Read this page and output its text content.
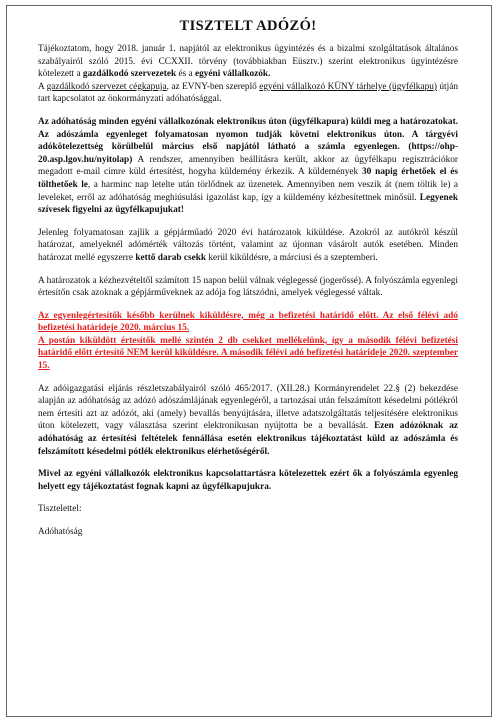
TISZTELT ADÓZÓ!

Tájékoztatom, hogy 2018. január 1. napjától az elektronikus ügyintézés és a bizalmi szolgáltatások általános szabályairól szóló 2015. évi CCXXII. törvény (továbbiakban Eüsztv.) szerint elektronikus ügyintézésre kötelezett a gazdálkodó szervezetek és a egyéni vállalkozók.

A gazdálkodó szervezet cégkapuja, az EVNY-ben szereplő egyéni vállalkozó KÜNY tárhelye (ügyfélkapu) útján tart kapcsolatot az önkormányzati adóhatósággal.

Az adóhatóság minden egyéni vállalkozónak elektronikus úton (ügyfélkapura) küldi meg a határozatokat. Az adószámla egyenleget folyamatosan nyomon tudják követni elektronikus úton. A tárgyévi adókötelezettség körülbelül március első napjától látható a számla egyenlegen. (https://ohp-20.asp.lgov.hu/nyitolap) A rendszer, amennyiben beállításra került, akkor az ügyfélkapu regisztrációkor megadott e-mail címre küld értesítést, hogyha küldemény érkezik. A küldemények 30 napig érhetőek el és tölthetőek le, a harminc nap letelte után törlődnek az üzenetek. Amennyiben nem veszik át (nem töltik le) a leveleket, erről az adóhatóság meghiúsulási igazolást kap, így a küldemény kézbesítettnek minősül. Legyenek szívesek figyelni az ügyfélkapujukat!

Jelenleg folyamatosan zajlik a gépjárműadó 2020 évi határozatok kiküldése. Azokról az autókról készül határozat, amelyeknél adómérték változás történt, valamint az újonnan vásárolt autók esetében. Minden határozat mellé egyszerre kettő darab csekk kerül kiküldésre, a márciusi és a szeptemberi.

A határozatok a kézhezvételtől számított 15 napon belül válnak véglegessé (jogerőssé). A folyószámla egyenlegi értesítőn csak azoknak a gépjárműveknek az adója fog látszódni, amelyek véglegessé váltak.

Az egyenlegértesítők később kerülnek kiküldésre, még a befizetési határidő előtt. Az első félévi adó befizetési határideje 2020. március 15.

A postán kiküldött értesítők mellé szintén 2 db csekket mellékelünk, így a második félévi befizetési határidő előtt értesítő NEM kerül kiküldésre. A második félévi adó befizetési határideje 2020. szeptember 15.

Az adóigazgatási eljárás részletszabályairól szóló 465/2017. (XII.28.) Kormányrendelet 22.§ (2) bekezdése alapján az adóhatóság az adózó adószámlájának egyenlegéről, a tartozásai után felszámított késedelmi pótlékról nem értesíti azt az adózót, aki (amely) bevallás benyújtására, illetve adatszolgáltatás teljesítésére elektronikus úton kötelezett, vagy választása szerint elektronikusan nyújtotta be a bevallását. Ezen adózóknak az adóhatóság az értesítési feltételek fennállása esetén elektronikus tájékoztatást küld az adószámla és felszámított késedelmi pótlék elektronikus elérhetőségéről.

Mivel az egyéni vállalkozók elektronikus kapcsolattartásra kötelezettek ezért ők a folyószámla egyenleg helyett egy tájékoztatást fognak kapni az ügyfélkapujukra.

Tisztelettel:

Adóhatóság
